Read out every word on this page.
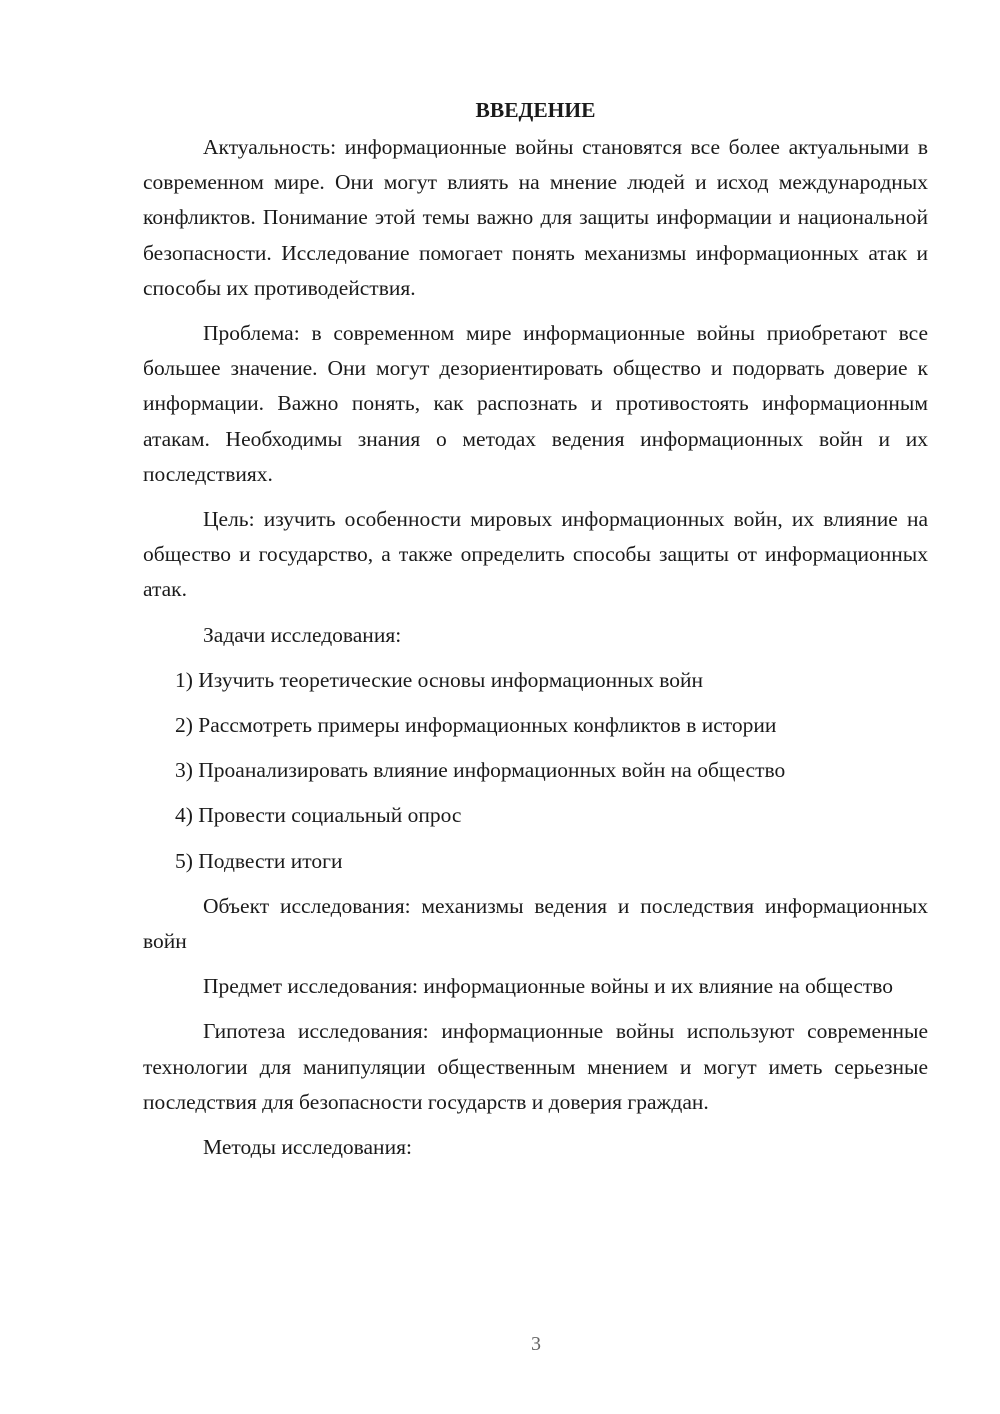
ВВЕДЕНИЕ

Актуальность: информационные войны становятся все более актуальными в современном мире. Они могут влиять на мнение людей и исход международных конфликтов. Понимание этой темы важно для защиты информации и национальной безопасности. Исследование помогает понять механизмы информационных атак и способы их противодействия.

Проблема: в современном мире информационные войны приобретают все большее значение. Они могут дезориентировать общество и подорвать доверие к информации. Важно понять, как распознать и противостоять информационным атакам. Необходимы знания о методах ведения информационных войн и их последствиях.

Цель: изучить особенности мировых информационных войн, их влияние на общество и государство, а также определить способы защиты от информационных атак.

Задачи исследования:

1) Изучить теоретические основы информационных войн
2) Рассмотреть примеры информационных конфликтов в истории
3) Проанализировать влияние информационных войн на общество
4) Провести социальный опрос
5) Подвести итоги

Объект исследования: механизмы ведения и последствия информационных войн

Предмет исследования: информационные войны и их влияние на общество

Гипотеза исследования: информационные войны используют современные технологии для манипуляции общественным мнением и могут иметь серьезные последствия для безопасности государств и доверия граждан.

Методы исследования:

3
